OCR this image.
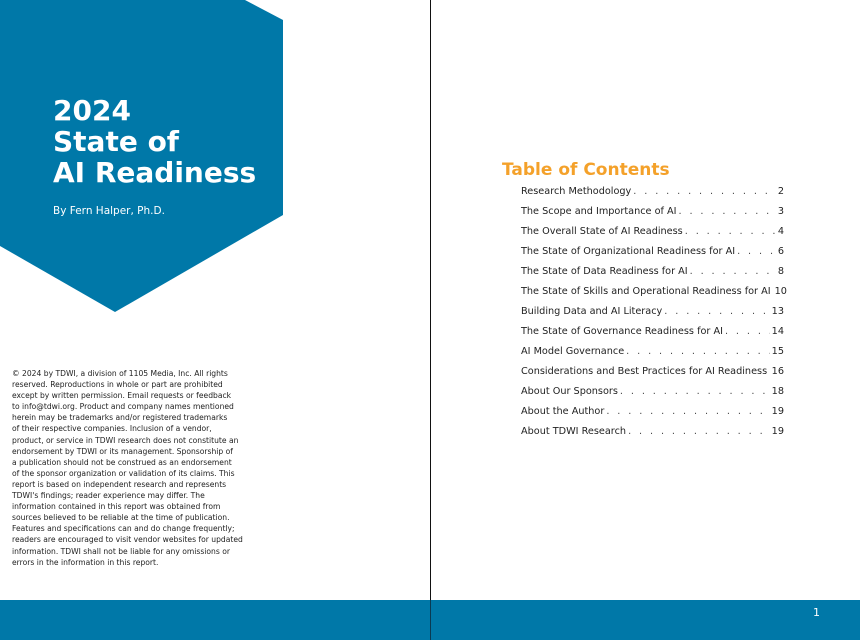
2024
State of
AI Readiness
By Fern Halper, Ph.D.
© 2024 by TDWI, a division of 1105 Media, Inc. All rights
reserved. Reproductions in whole or part are prohibited
except by written permission. Email requests or feedback
to info@tdwi.org. Product and company names mentioned
herein may be trademarks and/or registered trademarks
of their respective companies. Inclusion of a vendor,
product, or service in TDWI research does not constitute an
endorsement by TDWI or its management. Sponsorship of
a publication should not be construed as an endorsement
of the sponsor organization or validation of its claims. This
report is based on independent research and represents
TDWI's findings; reader experience may differ. The
information contained in this report was obtained from
sources believed to be reliable at the time of publication.
Features and specifications can and do change frequently;
readers are encouraged to visit vendor websites for updated
information. TDWI shall not be liable for any omissions or
errors in the information in this report.
Table of Contents
Research Methodology . . .	2
The Scope and Importance of AI . . .	3
The Overall State of AI Readiness . . .	4
The State of Organizational Readiness for AI . . .	6
The State of Data Readiness for AI . . .	8
The State of Skills and Operational Readiness for AI 10
Building Data and AI Literacy . . .	13
The State of Governance Readiness for AI . . .	14
AI Model Governance . . .	15
Considerations and Best Practices for AI Readiness . . . 16
About Our Sponsors . . .	18
About the Author . . .	19
About TDWI Research . . .	19
1
